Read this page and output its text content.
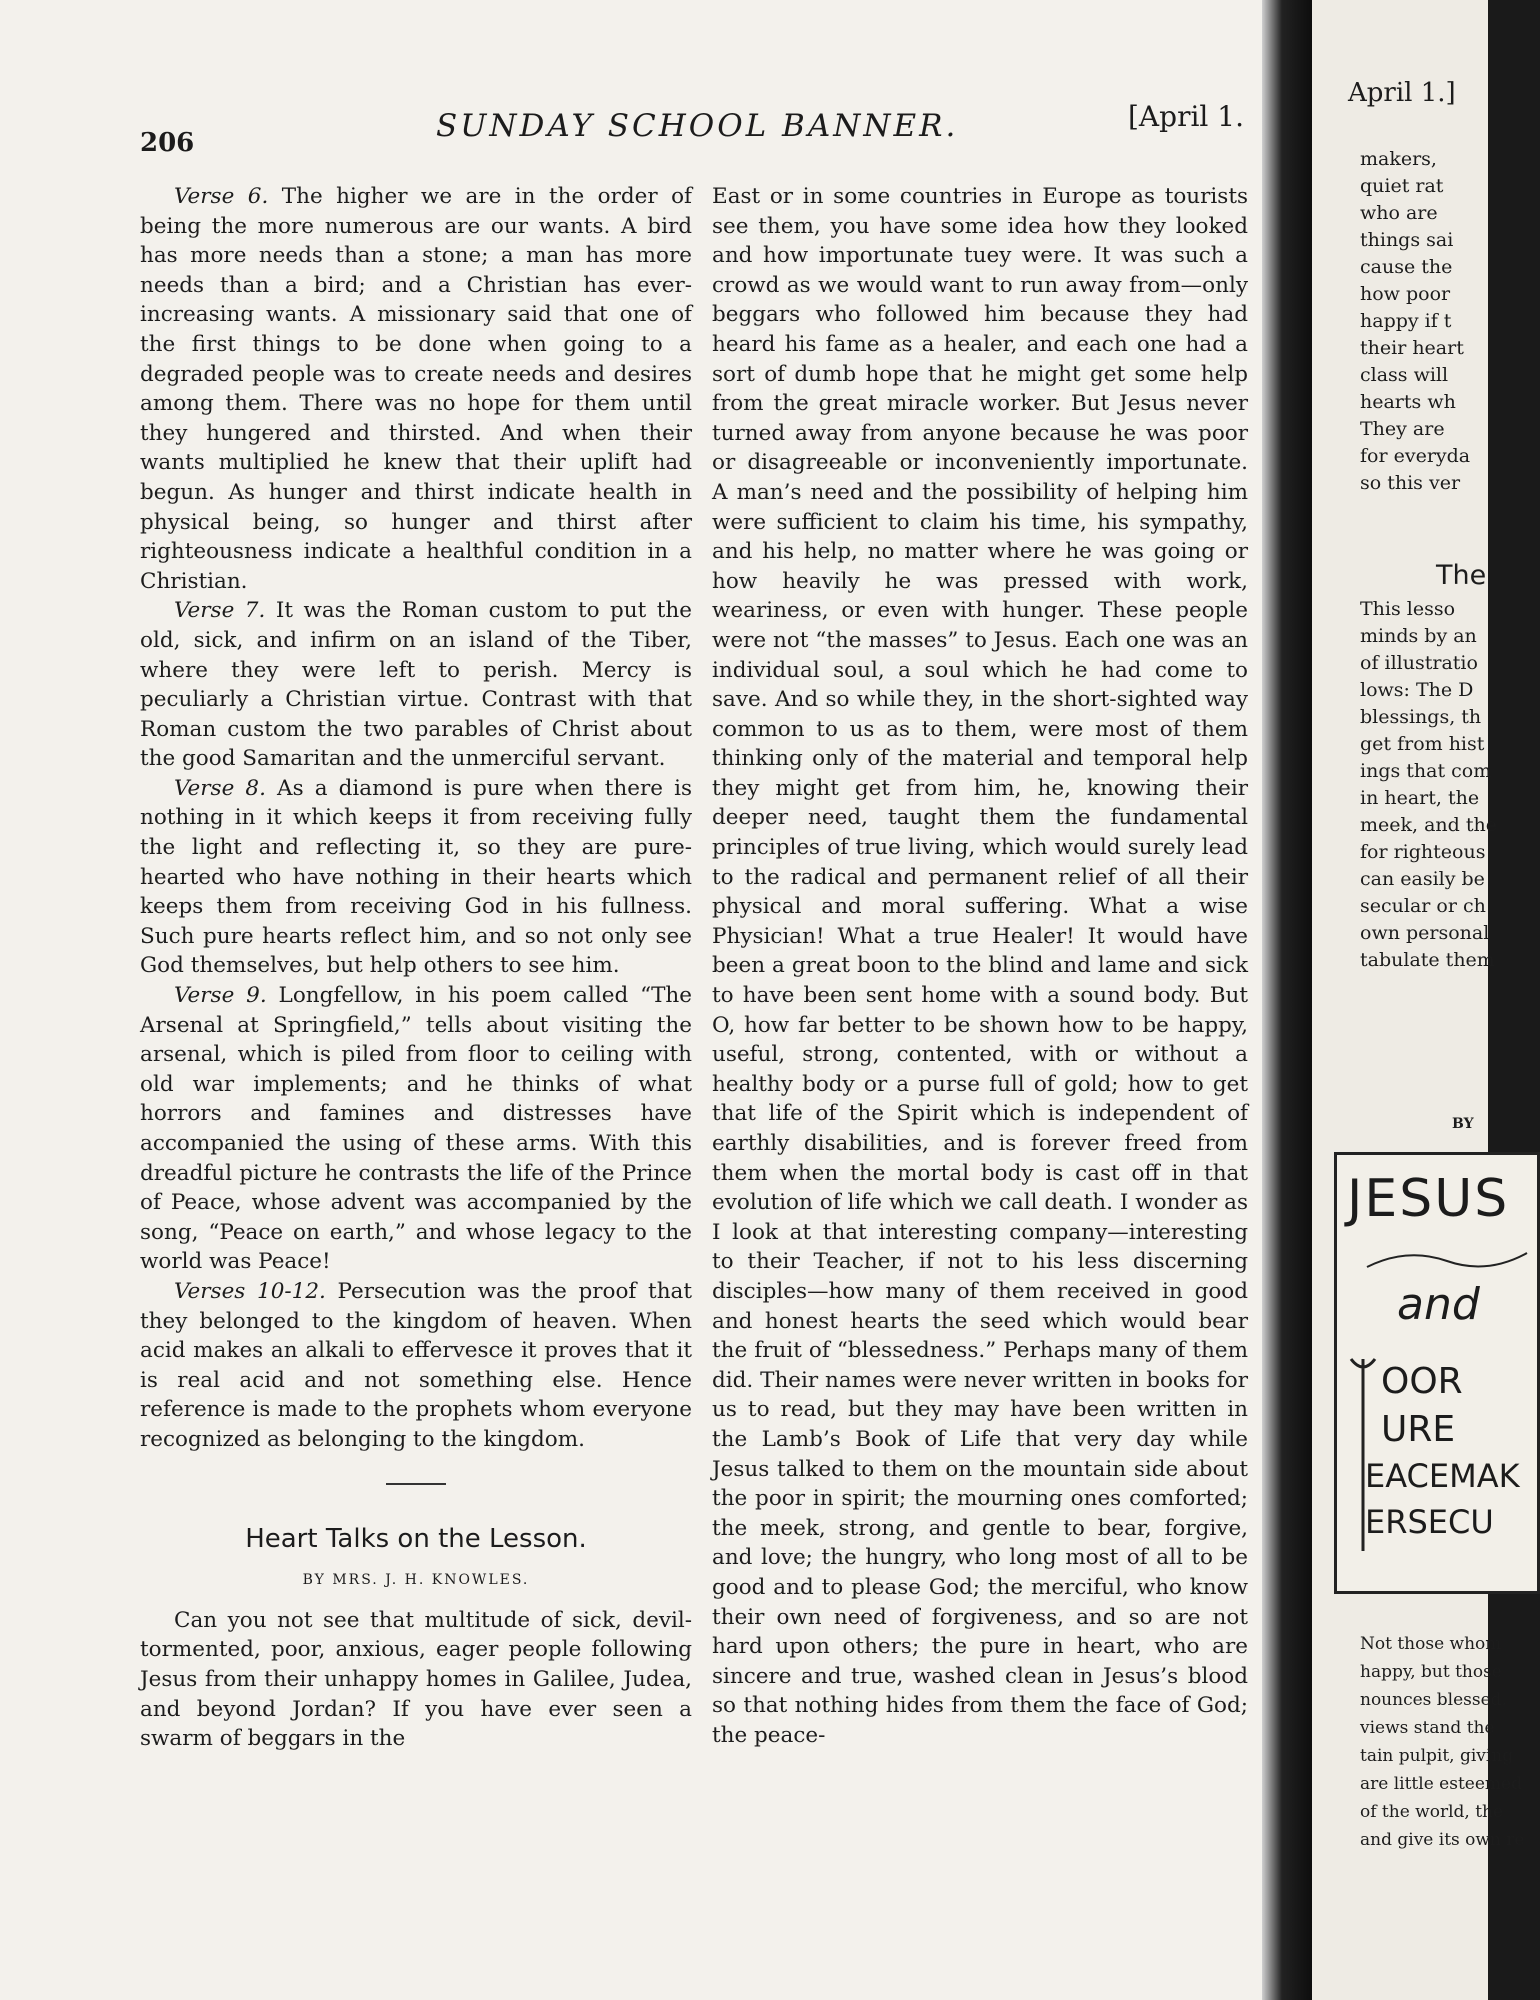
206	SUNDAY SCHOOL BANNER.	[April 1.

Verse 6. The higher we are in the order of being the more numerous are our wants. A bird has more needs than a stone; a man has more needs than a bird; and a Christian has ever-increasing wants. A missionary said that one of the first things to be done when going to a degraded people was to create needs and desires among them. There was no hope for them until they hungered and thirsted. And when their wants multiplied he knew that their uplift had begun. As hunger and thirst indicate health in physical being, so hunger and thirst after righteousness indicate a healthful condition in a Christian.

Verse 7. It was the Roman custom to put the old, sick, and infirm on an island of the Tiber, where they were left to perish. Mercy is peculiarly a Christian virtue. Contrast with that Roman custom the two parables of Christ about the good Samaritan and the unmerciful servant.

Verse 8. As a diamond is pure when there is nothing in it which keeps it from receiving fully the light and reflecting it, so they are pure-hearted who have nothing in their hearts which keeps them from receiving God in his fullness. Such pure hearts reflect him, and so not only see God themselves, but help others to see him.

Verse 9. Longfellow, in his poem called “The Arsenal at Springfield,” tells about visiting the arsenal, which is piled from floor to ceiling with old war implements; and he thinks of what horrors and famines and distresses have accompanied the using of these arms. With this dreadful picture he contrasts the life of the Prince of Peace, whose advent was accompanied by the song, “Peace on earth,” and whose legacy to the world was Peace!

Verses 10-12. Persecution was the proof that they belonged to the kingdom of heaven. When acid makes an alkali to effervesce it proves that it is real acid and not something else. Hence reference is made to the prophets whom everyone recognized as belonging to the kingdom.

Heart Talks on the Lesson.
BY MRS. J. H. KNOWLES.

Can you not see that multitude of sick, devil-tormented, poor, anxious, eager people following Jesus from their unhappy homes in Galilee, Judea, and beyond Jordan? If you have ever seen a swarm of beggars in the

East or in some countries in Europe as tourists see them, you have some idea how they looked and how importunate tuey were. It was such a crowd as we would want to run away from—only beggars who followed him because they had heard his fame as a healer, and each one had a sort of dumb hope that he might get some help from the great miracle worker. But Jesus never turned away from anyone because he was poor or disagreeable or inconveniently importunate. A man’s need and the possibility of helping him were sufficient to claim his time, his sympathy, and his help, no matter where he was going or how heavily he was pressed with work, weariness, or even with hunger. These people were not “the masses” to Jesus. Each one was an individual soul, a soul which he had come to save. And so while they, in the short-sighted way common to us as to them, were most of them thinking only of the material and temporal help they might get from him, he, knowing their deeper need, taught them the fundamental principles of true living, which would surely lead to the radical and permanent relief of all their physical and moral suffering. What a wise Physician! What a true Healer! It would have been a great boon to the blind and lame and sick to have been sent home with a sound body. But O, how far better to be shown how to be happy, useful, strong, contented, with or without a healthy body or a purse full of gold; how to get that life of the Spirit which is independent of earthly disabilities, and is forever freed from them when the mortal body is cast off in that evolution of life which we call death. I wonder as I look at that interesting company—interesting to their Teacher, if not to his less discerning disciples—how many of them received in good and honest hearts the seed which would bear the fruit of “blessedness.” Perhaps many of them did. Their names were never written in books for us to read, but they may have been written in the Lamb’s Book of Life that very day while Jesus talked to them on the mountain side about the poor in spirit; the mourning ones comforted; the meek, strong, and gentle to bear, forgive, and love; the hungry, who long most of all to be good and to please God; the merciful, who know their own need of forgiveness, and so are not hard upon others; the pure in heart, who are sincere and true, washed clean in Jesus’s blood so that nothing hides from them the face of God; the peace-

April 1.]
makers,
quiet rat
who are
things sai
cause the
how poor
happy if t
their heart
class will
hearts wh
They are
for everyda
so this ver
The
This lesso
minds by an
of illustratio
lows: The D
blessings, th
get from hist
ings that com
in heart, the
meek, and the
for righteous
can easily be
secular or ch
own personal
tabulate them
BY
JESUS
and
OOR
URE
EACEMAK
ERSECU
Not those whom
happy, but those
nounces blessed.
views stand the
tain pulpit, giving
are little esteemed
of the world, the
and give its own re
